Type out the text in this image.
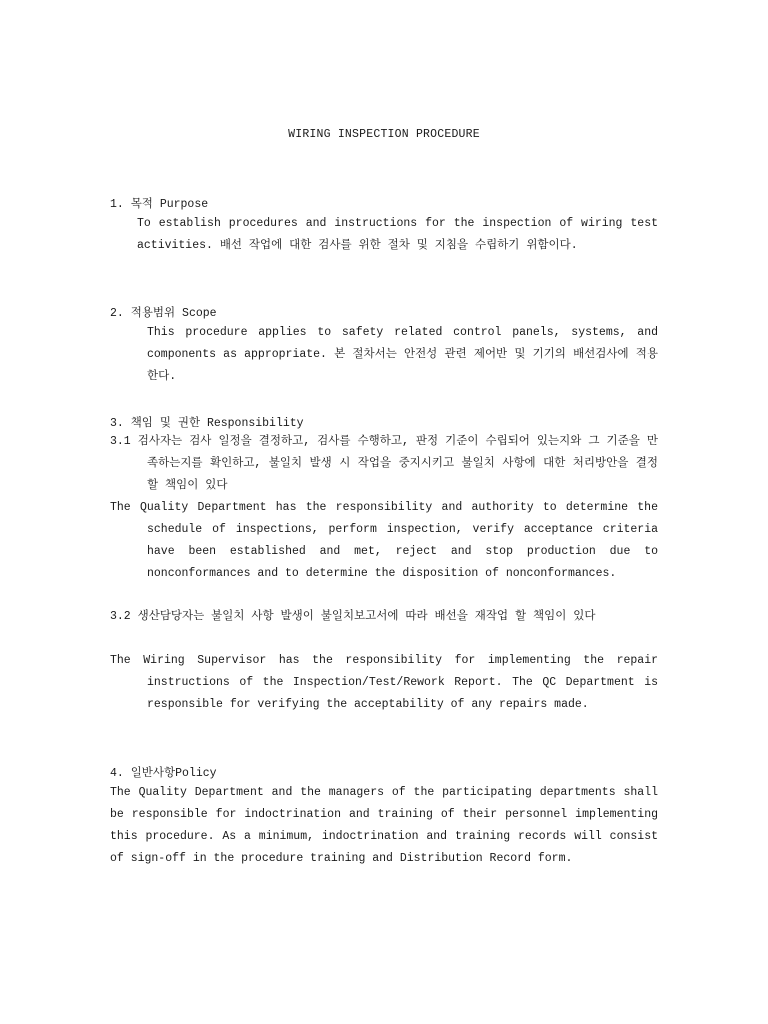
WIRING INSPECTION PROCEDURE
1. 목적 Purpose
To establish procedures and instructions for the inspection of wiring test activities. 배선 작업에 대한 검사를 위한 절차 및 지침을 수립하기 위함이다.
2. 적용범위 Scope
This procedure applies to safety related control panels, systems, and components as appropriate. 본 절차서는 안전성 관련 제어반 및 기기의 배선검사에 적용한다.
3. 책임 및 권한 Responsibility
3.1 검사자는 검사 일정을 결정하고, 검사를 수행하고, 판정 기준이 수립되어 있는지와 그 기준을 만족하는지를 확인하고, 불일치 발생 시 작업을 중지시키고 불일치 사항에 대한 처리방안을 결정할 책임이 있다
The Quality Department has the responsibility and authority to determine the schedule of inspections, perform inspection, verify acceptance criteria have been established and met, reject and stop production due to nonconformances and to determine the disposition of nonconformances.
3.2 생산담당자는 불일치 사항 발생이 불일치보고서에 따라 배선을 재작업 할 책임이 있다
The Wiring Supervisor has the responsibility for implementing the repair instructions of the Inspection/Test/Rework Report. The QC Department is responsible for verifying the acceptability of any repairs made.
4. 일반사항Policy
The Quality Department and the managers of the participating departments shall be responsible for indoctrination and training of their personnel implementing this procedure. As a minimum, indoctrination and training records will consist of sign-off in the procedure training and Distribution Record form.
